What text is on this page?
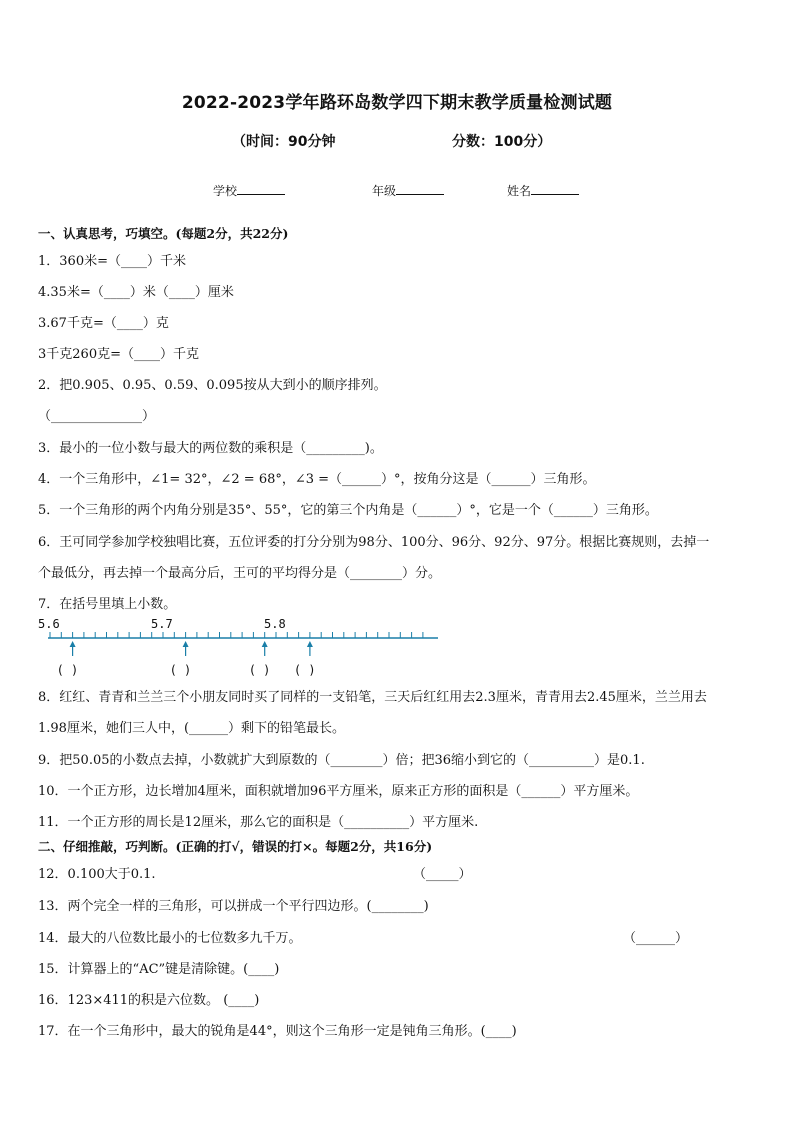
2022-2023学年路环岛数学四下期末教学质量检测试题
（时间：90分钟	分数：100分）
学校	年级	姓名
一、认真思考，巧填空。(每题2分，共22分)
1．360米=（____）千米
4.35米=（____）米（____）厘米
3.67千克=（____）克
3千克260克=（____）千克
2．把0.905、0.95、0.59、0.095按从大到小的顺序排列。
（______________）
3．最小的一位小数与最大的两位数的乘积是（_________)。
4．一个三角形中，∠1= 32°，∠2 = 68°，∠3 =（______）°，按角分这是（______）三角形。
5．一个三角形的两个内角分别是35°、55°，它的第三个内角是（______）°，它是一个（______）三角形。
6．王可同学参加学校独唱比赛，五位评委的打分分别为98分、100分、96分、92分、97分。根据比赛规则，去掉一
个最低分，再去掉一个最高分后，王可的平均得分是（________）分。
7．在括号里填上小数。
5.6	5.7	5.8
( )	( )	( ) ( )
8．红红、青青和兰兰三个小朋友同时买了同样的一支铅笔，三天后红红用去2.3厘米，青青用去2.45厘米，兰兰用去
1.98厘米，她们三人中，(______）剩下的铅笔最长。
9．把50.05的小数点去掉，小数就扩大到原数的（________）倍；把36缩小到它的（__________）是0.1.
10．一个正方形，边长增加4厘米，面积就增加96平方厘米，原来正方形的面积是（______）平方厘米。
11．一个正方形的周长是12厘米，那么它的面积是（__________）平方厘米.
二、仔细推敲，巧判断。(正确的打√，错误的打×。每题2分，共16分)
12．0.100大于0.1.	（_____）
13．两个完全一样的三角形，可以拼成一个平行四边形。(________)
14．最大的八位数比最小的七位数多九千万。	（______）
15．计算器上的“AC”键是清除键。(____)
16．123×411的积是六位数。 (____)
17．在一个三角形中，最大的锐角是44°，则这个三角形一定是钝角三角形。(____)
